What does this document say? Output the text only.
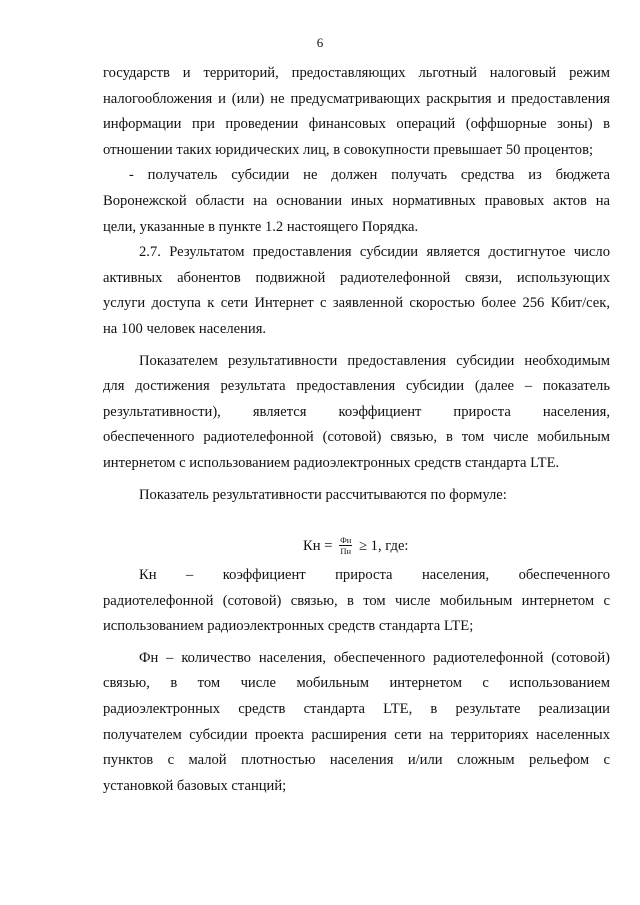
6
государств и территорий, предоставляющих льготный налоговый режим
налогообложения и (или) не предусматривающих раскрытия и предоставления
информации при проведении финансовых операций (оффшорные зоны) в
отношении таких юридических лиц, в совокупности превышает 50 процентов;
- получатель субсидии не должен получать средства из бюджета
Воронежской области на основании иных нормативных правовых актов на
цели, указанные в пункте 1.2 настоящего Порядка.
2.7. Результатом предоставления субсидии является достигнутое число
активных абонентов подвижной радиотелефонной связи, использующих
услуги доступа к сети Интернет с заявленной скоростью более 256 Кбит/сек,
на 100 человек населения.
Показателем результативности предоставления субсидии необходимым
для достижения результата предоставления субсидии (далее – показатель
результативности), является коэффициент прироста населения,
обеспеченного радиотелефонной (сотовой) связью, в том числе мобильным
интернетом с использованием радиоэлектронных средств стандарта LTE.
Показатель результативности рассчитываются по формуле:
Кн = $\frac{Фн}{Пн} \ge 1$, где:
Кн – коэффициент прироста населения, обеспеченного
радиотелефонной (сотовой) связью, в том числе мобильным интернетом с
использованием радиоэлектронных средств стандарта LTE;
Фн – количество населения, обеспеченного радиотелефонной (сотовой)
связью, в том числе мобильным интернетом с использованием
радиоэлектронных средств стандарта LTE, в результате реализации
получателем субсидии проекта расширения сети на территориях населенных
пунктов с малой плотностью населения и/или сложным рельефом с
установкой базовых станций;
